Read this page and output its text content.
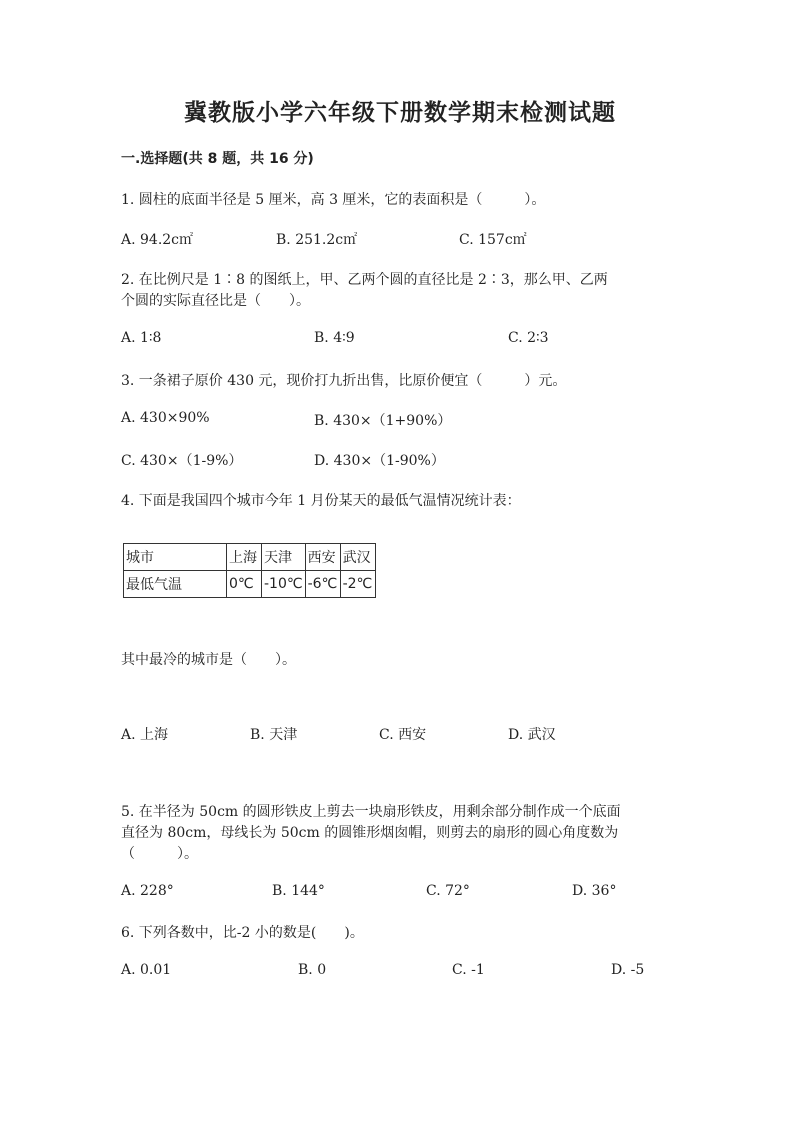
冀教版小学六年级下册数学期末检测试题
一.选择题(共 8 题，共 16 分)
1. 圆柱的底面半径是 5 厘米，高 3 厘米，它的表面积是（　　　）。
A. 94.2c㎡	B. 251.2c㎡	C. 157c㎡
2. 在比例尺是 1∶8 的图纸上，甲、乙两个圆的直径比是 2∶3，那么甲、乙两
个圆的实际直径比是（　　）。
A. 1∶8	B. 4∶9	C. 2∶3
3. 一条裙子原价 430 元，现价打九折出售，比原价便宜（　　　）元。
A. 430×90%	B. 430×（1+90%）
C. 430×（1-9%）	D. 430×（1-90%）
4. 下面是我国四个城市今年 1 月份某天的最低气温情况统计表：
城市	上海	天津	西安	武汉
最低气温	0℃	-10℃	-6℃	-2℃
其中最冷的城市是（　　）。
A. 上海	B. 天津	C. 西安	D. 武汉
5. 在半径为 50cm 的圆形铁皮上剪去一块扇形铁皮，用剩余部分制作成一个底面
直径为 80cm，母线长为 50cm 的圆锥形烟囱帽，则剪去的扇形的圆心角度数为
（　　　）。
A. 228°	B. 144°	C. 72°	D. 36°
6. 下列各数中，比-2 小的数是(　　)。
A. 0.01	B. 0	C. -1	D. -5
